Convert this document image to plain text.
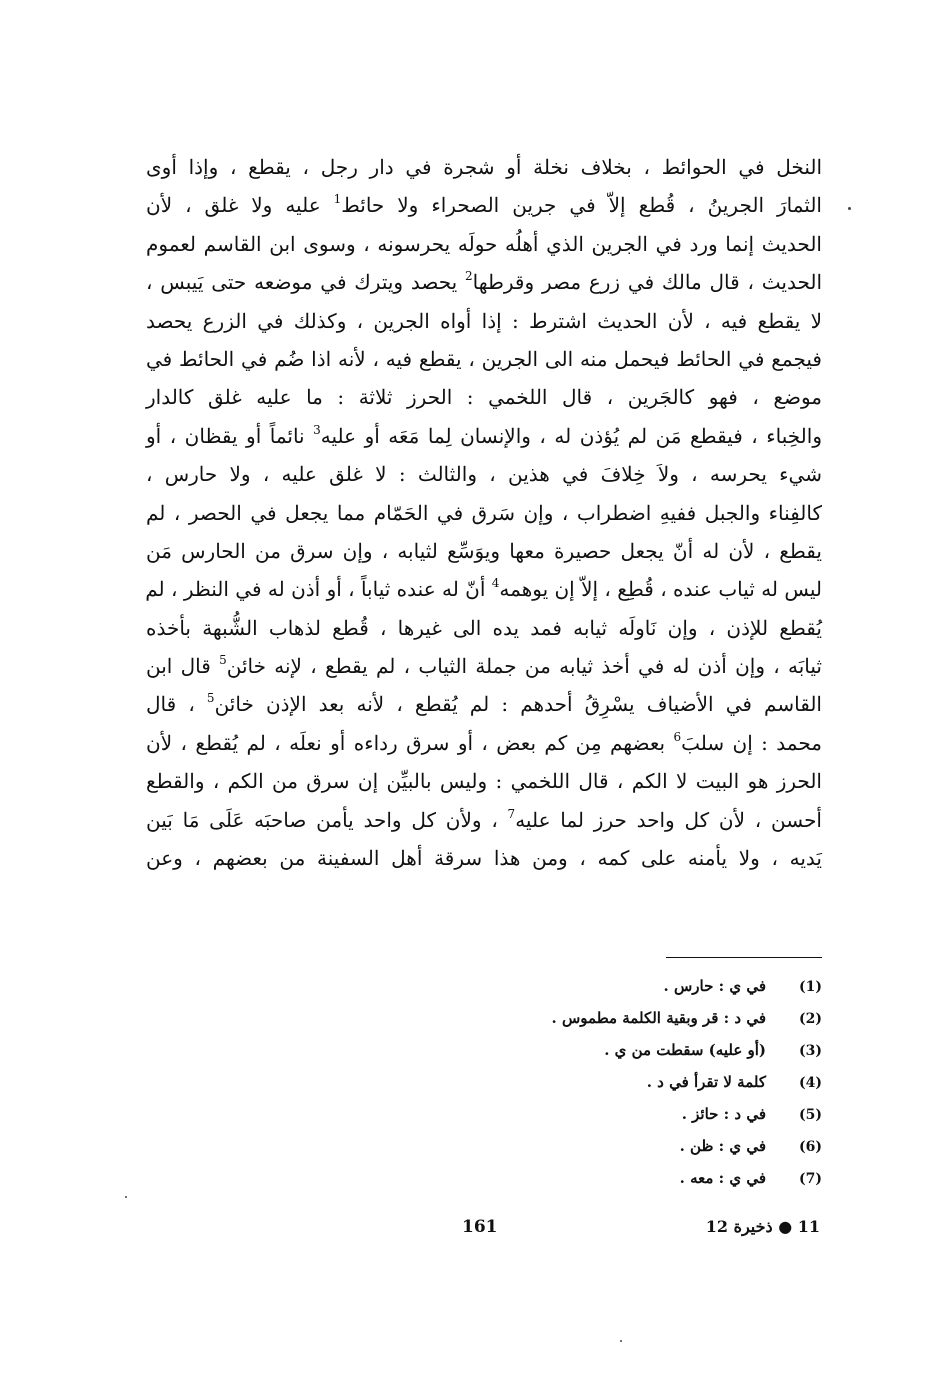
النخل في الحوائط ، بخلاف نخلة أو شجرة في دار رجل ، يقطع ، وإذا أوى
الثمارَ الجرينُ ، قُطع إلاّ في جرين الصحراء ولا حائط$^1$ عليه ولا غلق ، لأن
الحديث إنما ورد في الجرين الذي أهلُه حولَه يحرسونه ، وسوى ابن القاسم لعموم
الحديث ، قال مالك في زرع مصر وقرطها$^2$ يحصد ويترك في موضعه حتى يَيبس ،
لا يقطع فيه ، لأن الحديث اشترط : إذا أواه الجرين ، وكذلك في الزرع يحصد
فيجمع في الحائط فيحمل منه الى الجرين ، يقطع فيه ، لأنه اذا ضُم في الحائط في
موضع ، فهو كالجَرين ، قال اللخمي : الحرز ثلاثة : ما عليه غلق كالدار
والخِباء ، فيقطع مَن لم يُؤذن له ، والإنسان لِما مَعَه أو عليه$^3$ نائماً أو يقظان ، أو
شيء يحرسه ، ولاَ خِلافَ في هذين ، والثالث : لا غلق عليه ، ولا حارس ،
كالفِناء والجبل ففيهِ اضطراب ، وإن سَرق في الحَمّام مما يجعل في الحصر ، لم
يقطع ، لأن له أنّ يجعل حصيرة معها ويوَسِّع لثيابه ، وإن سرق من الحارس مَن
ليس له ثياب عنده ، قُطِع ، إلاّ إن يوهمه$^4$ أنّ له عنده ثياباً ، أو أذن له في النظر ، لم
يُقطع للإذن ، وإن نَاولَه ثيابه فمد يده الى غيرها ، قُطع لذهاب الشُّبهة بأخذه
ثيابَه ، وإن أذن له في أخذ ثيابه من جملة الثياب ، لم يقطع ، لإنه خائن$^5$ قال ابن
القاسم في الأضياف يسْرِقُ أحدهم : لم يُقطع ، لأنه بعد الإذن خائن$^5$ ، قال
محمد : إن سلبَ$^6$ بعضهم مِن كم بعض ، أو سرق رداءه أو نعلَه ، لم يُقطع ، لأن
الحرز هو البيت لا الكم ، قال اللخمي : وليس بالبيِّن إن سرق من الكم ، والقطع
أحسن ، لأن كل واحد حرز لما عليه$^7$ ، ولأن كل واحد يأمن صاحبَه عَلَى مَا بَين
يَديه ، ولا يأمنه على كمه ، ومن هذا سرقة أهل السفينة من بعضهم ، وعن
(1)
في ي : حارس .
(2)
في د : قر وبقية الكلمة مطموس .
(3)
(أو عليه) سقطت من ي .
(4)
كلمة لا تقرأ في د .
(5)
في د : حائز .
(6)
في ي : ظن .
(7)
في ي : معه .
161	11 ● ذخيرة 12
